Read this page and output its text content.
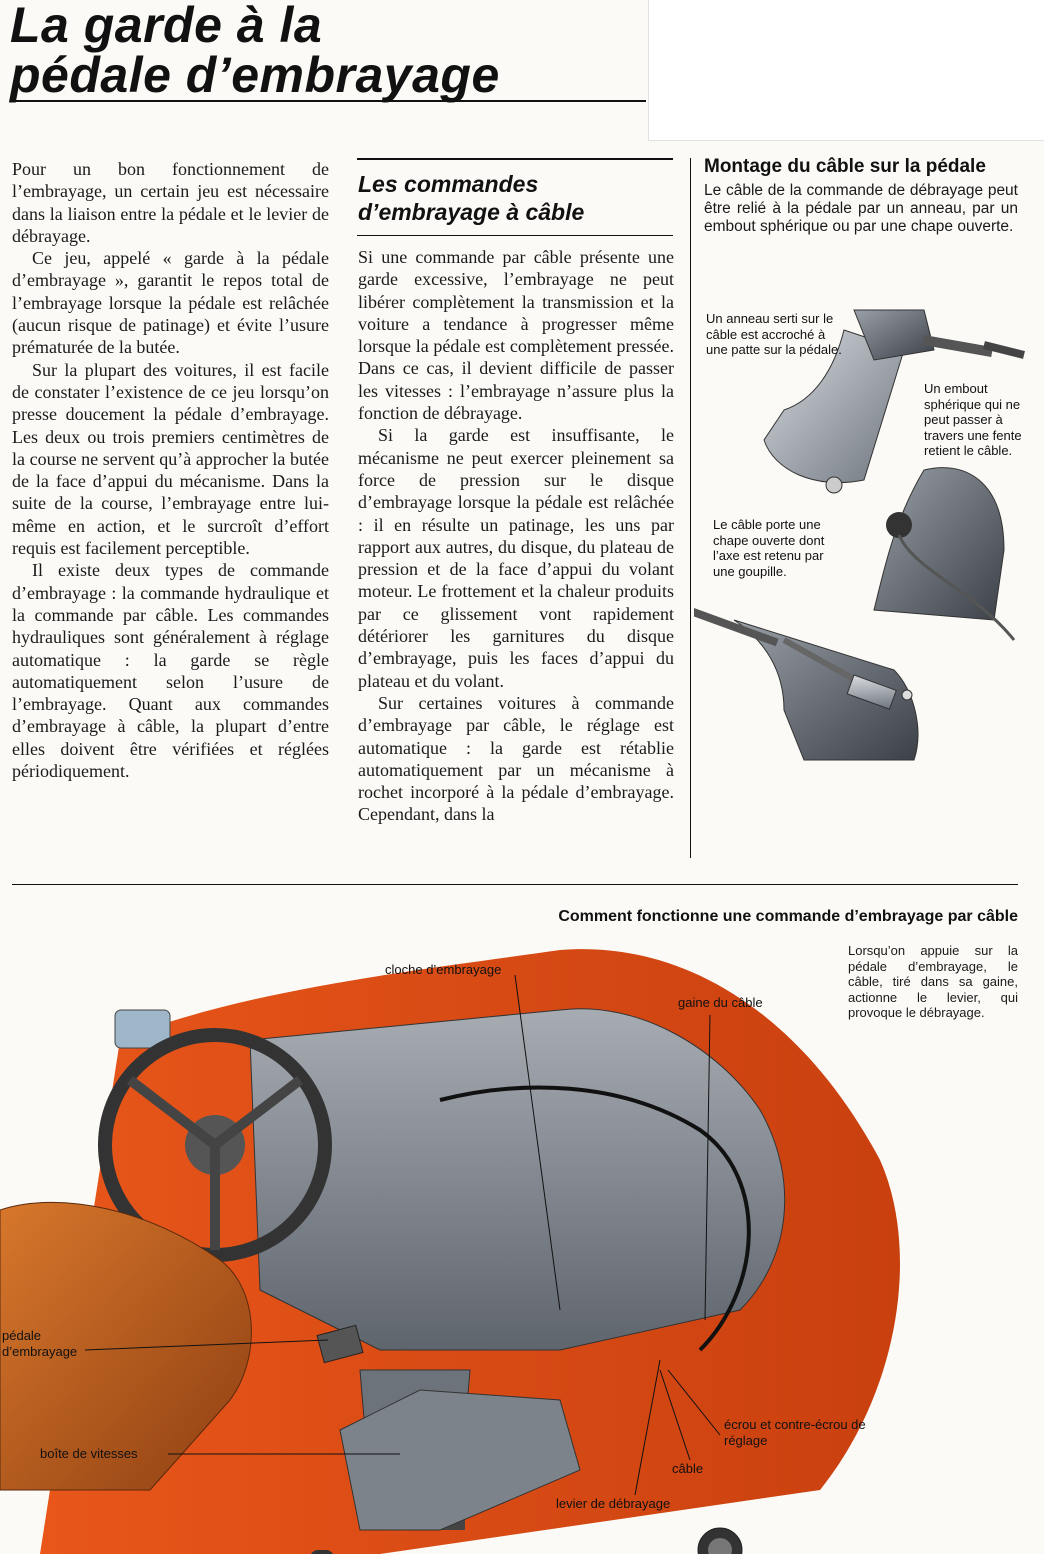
La garde à la
pédale d’embrayage

Pour un bon fonctionnement de l’embrayage, un certain jeu est nécessaire dans la liaison entre la pédale et le levier de débrayage.

Ce jeu, appelé « garde à la pédale d’embrayage », garantit le repos total de l’embrayage lorsque la pédale est relâchée (aucun risque de patinage) et évite l’usure prématurée de la butée.

Sur la plupart des voitures, il est facile de constater l’existence de ce jeu lorsqu’on presse doucement la pédale d’embrayage. Les deux ou trois premiers centimètres de la course ne servent qu’à approcher la butée de la face d’appui du mécanisme. Dans la suite de la course, l’embrayage entre lui-même en action, et le surcroît d’effort requis est facilement perceptible.

Il existe deux types de commande d’embrayage : la commande hydraulique et la commande par câble. Les commandes hydrauliques sont généralement à réglage automatique : la garde se règle automatiquement selon l’usure de l’embrayage. Quant aux commandes d’embrayage à câble, la plupart d’entre elles doivent être vérifiées et réglées périodiquement.

Les commandes
d’embrayage à câble

Si une commande par câble présente une garde excessive, l’embrayage ne peut libérer complètement la transmission et la voiture a tendance à progresser même lorsque la pédale est complètement pressée. Dans ce cas, il devient difficile de passer les vitesses : l’embrayage n’assure plus la fonction de débrayage.

Si la garde est insuffisante, le mécanisme ne peut exercer pleinement sa force de pression sur le disque d’embrayage lorsque la pédale est relâchée : il en résulte un patinage, les uns par rapport aux autres, du disque, du plateau de pression et de la face d’appui du volant moteur. Le frottement et la chaleur produits par ce glissement vont rapidement détériorer les garnitures du disque d’embrayage, puis les faces d’appui du plateau et du volant.

Sur certaines voitures à commande d’embrayage par câble, le réglage est automatique : la garde est rétablie automatiquement par un mécanisme à rochet incorporé à la pédale d’embrayage. Cependant, dans la

Montage du câble sur la pédale
Le câble de la commande de débrayage peut être relié à la pédale par un anneau, par un embout sphérique ou par une chape ouverte.
Un anneau serti sur le câble est accroché à une patte sur la pédale.
Un embout sphérique qui ne peut passer à travers une fente retient le câble.
Le câble porte une chape ouverte dont l’axe est retenu par une goupille.
Comment fonctionne une commande d’embrayage par câble
Lorsqu’on appuie sur la pédale d’embrayage, le câble, tiré dans sa gaine, actionne le levier, qui provoque le débrayage.
cloche d’embrayage
gaine du câble
pédale d’embrayage
boîte de vitesses
écrou et contre-écrou de réglage
câble
levier de débrayage
